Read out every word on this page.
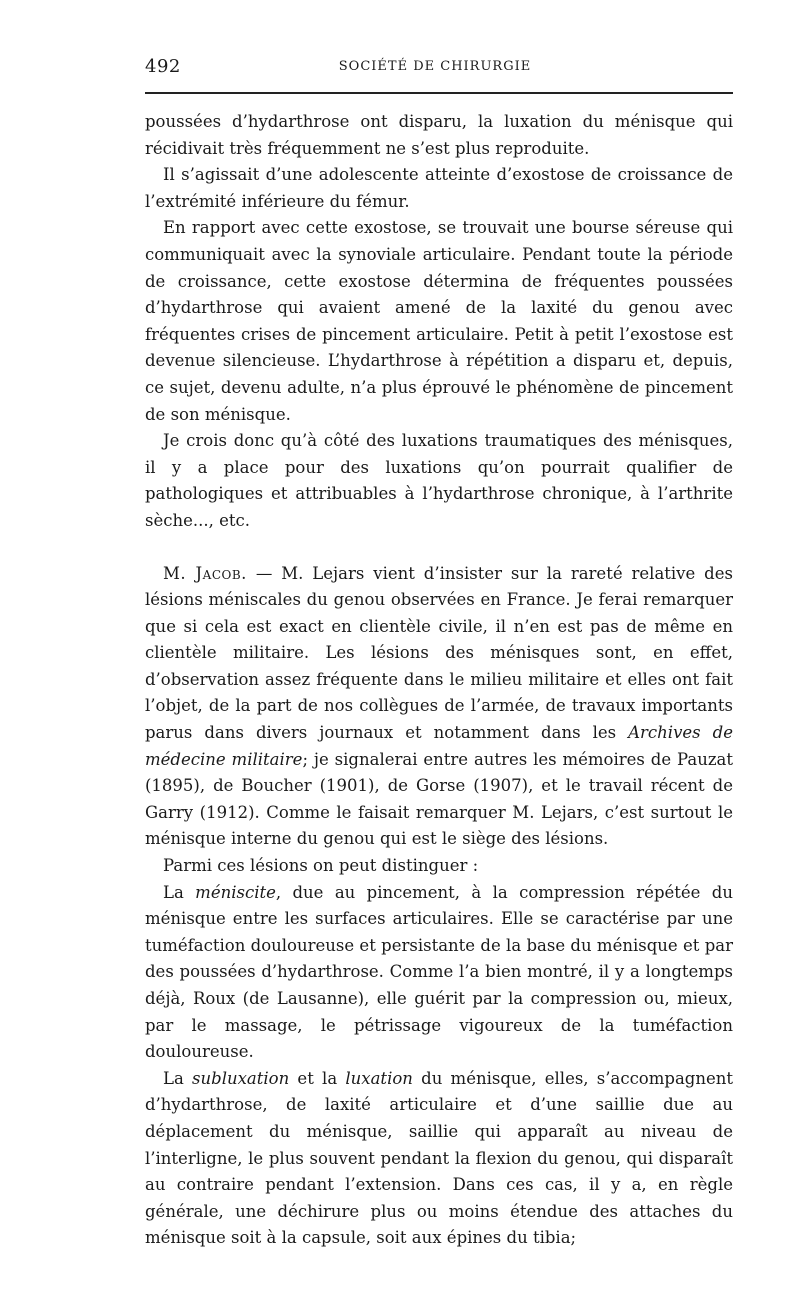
492	SOCIÉTÉ DE CHIRURGIE

poussées d’hydarthrose ont disparu, la luxation du ménisque qui récidivait très fréquemment ne s’est plus reproduite.

Il s’agissait d’une adolescente atteinte d’exostose de croissance de l’extrémité inférieure du fémur.

En rapport avec cette exostose, se trouvait une bourse séreuse qui communiquait avec la synoviale articulaire. Pendant toute la période de croissance, cette exostose détermina de fréquentes poussées d’hydarthrose qui avaient amené de la laxité du genou avec fréquentes crises de pincement articulaire. Petit à petit l’exostose est devenue silencieuse. L’hydarthrose à répétition a disparu et, depuis, ce sujet, devenu adulte, n’a plus éprouvé le phénomène de pincement de son ménisque.

Je crois donc qu’à côté des luxations traumatiques des ménisques, il y a place pour des luxations qu’on pourrait qualifier de pathologiques et attribuables à l’hydarthrose chronique, à l’arthrite sèche..., etc.

M. Jacob. — M. Lejars vient d’insister sur la rareté relative des lésions méniscales du genou observées en France. Je ferai remarquer que si cela est exact en clientèle civile, il n’en est pas de même en clientèle militaire. Les lésions des ménisques sont, en effet, d’observation assez fréquente dans le milieu militaire et elles ont fait l’objet, de la part de nos collègues de l’armée, de travaux importants parus dans divers journaux et notamment dans les Archives de médecine militaire; je signalerai entre autres les mémoires de Pauzat (1895), de Boucher (1901), de Gorse (1907), et le travail récent de Garry (1912). Comme le faisait remarquer M. Lejars, c’est surtout le ménisque interne du genou qui est le siège des lésions.

Parmi ces lésions on peut distinguer :

La méniscite, due au pincement, à la compression répétée du ménisque entre les surfaces articulaires. Elle se caractérise par une tuméfaction douloureuse et persistante de la base du ménisque et par des poussées d’hydarthrose. Comme l’a bien montré, il y a longtemps déjà, Roux (de Lausanne), elle guérit par la compression ou, mieux, par le massage, le pétrissage vigoureux de la tuméfaction douloureuse.

La subluxation et la luxation du ménisque, elles, s’accompagnent d’hydarthrose, de laxité articulaire et d’une saillie due au déplacement du ménisque, saillie qui apparaît au niveau de l’interligne, le plus souvent pendant la flexion du genou, qui disparaît au contraire pendant l’extension. Dans ces cas, il y a, en règle générale, une déchirure plus ou moins étendue des attaches du ménisque soit à la capsule, soit aux épines du tibia;
